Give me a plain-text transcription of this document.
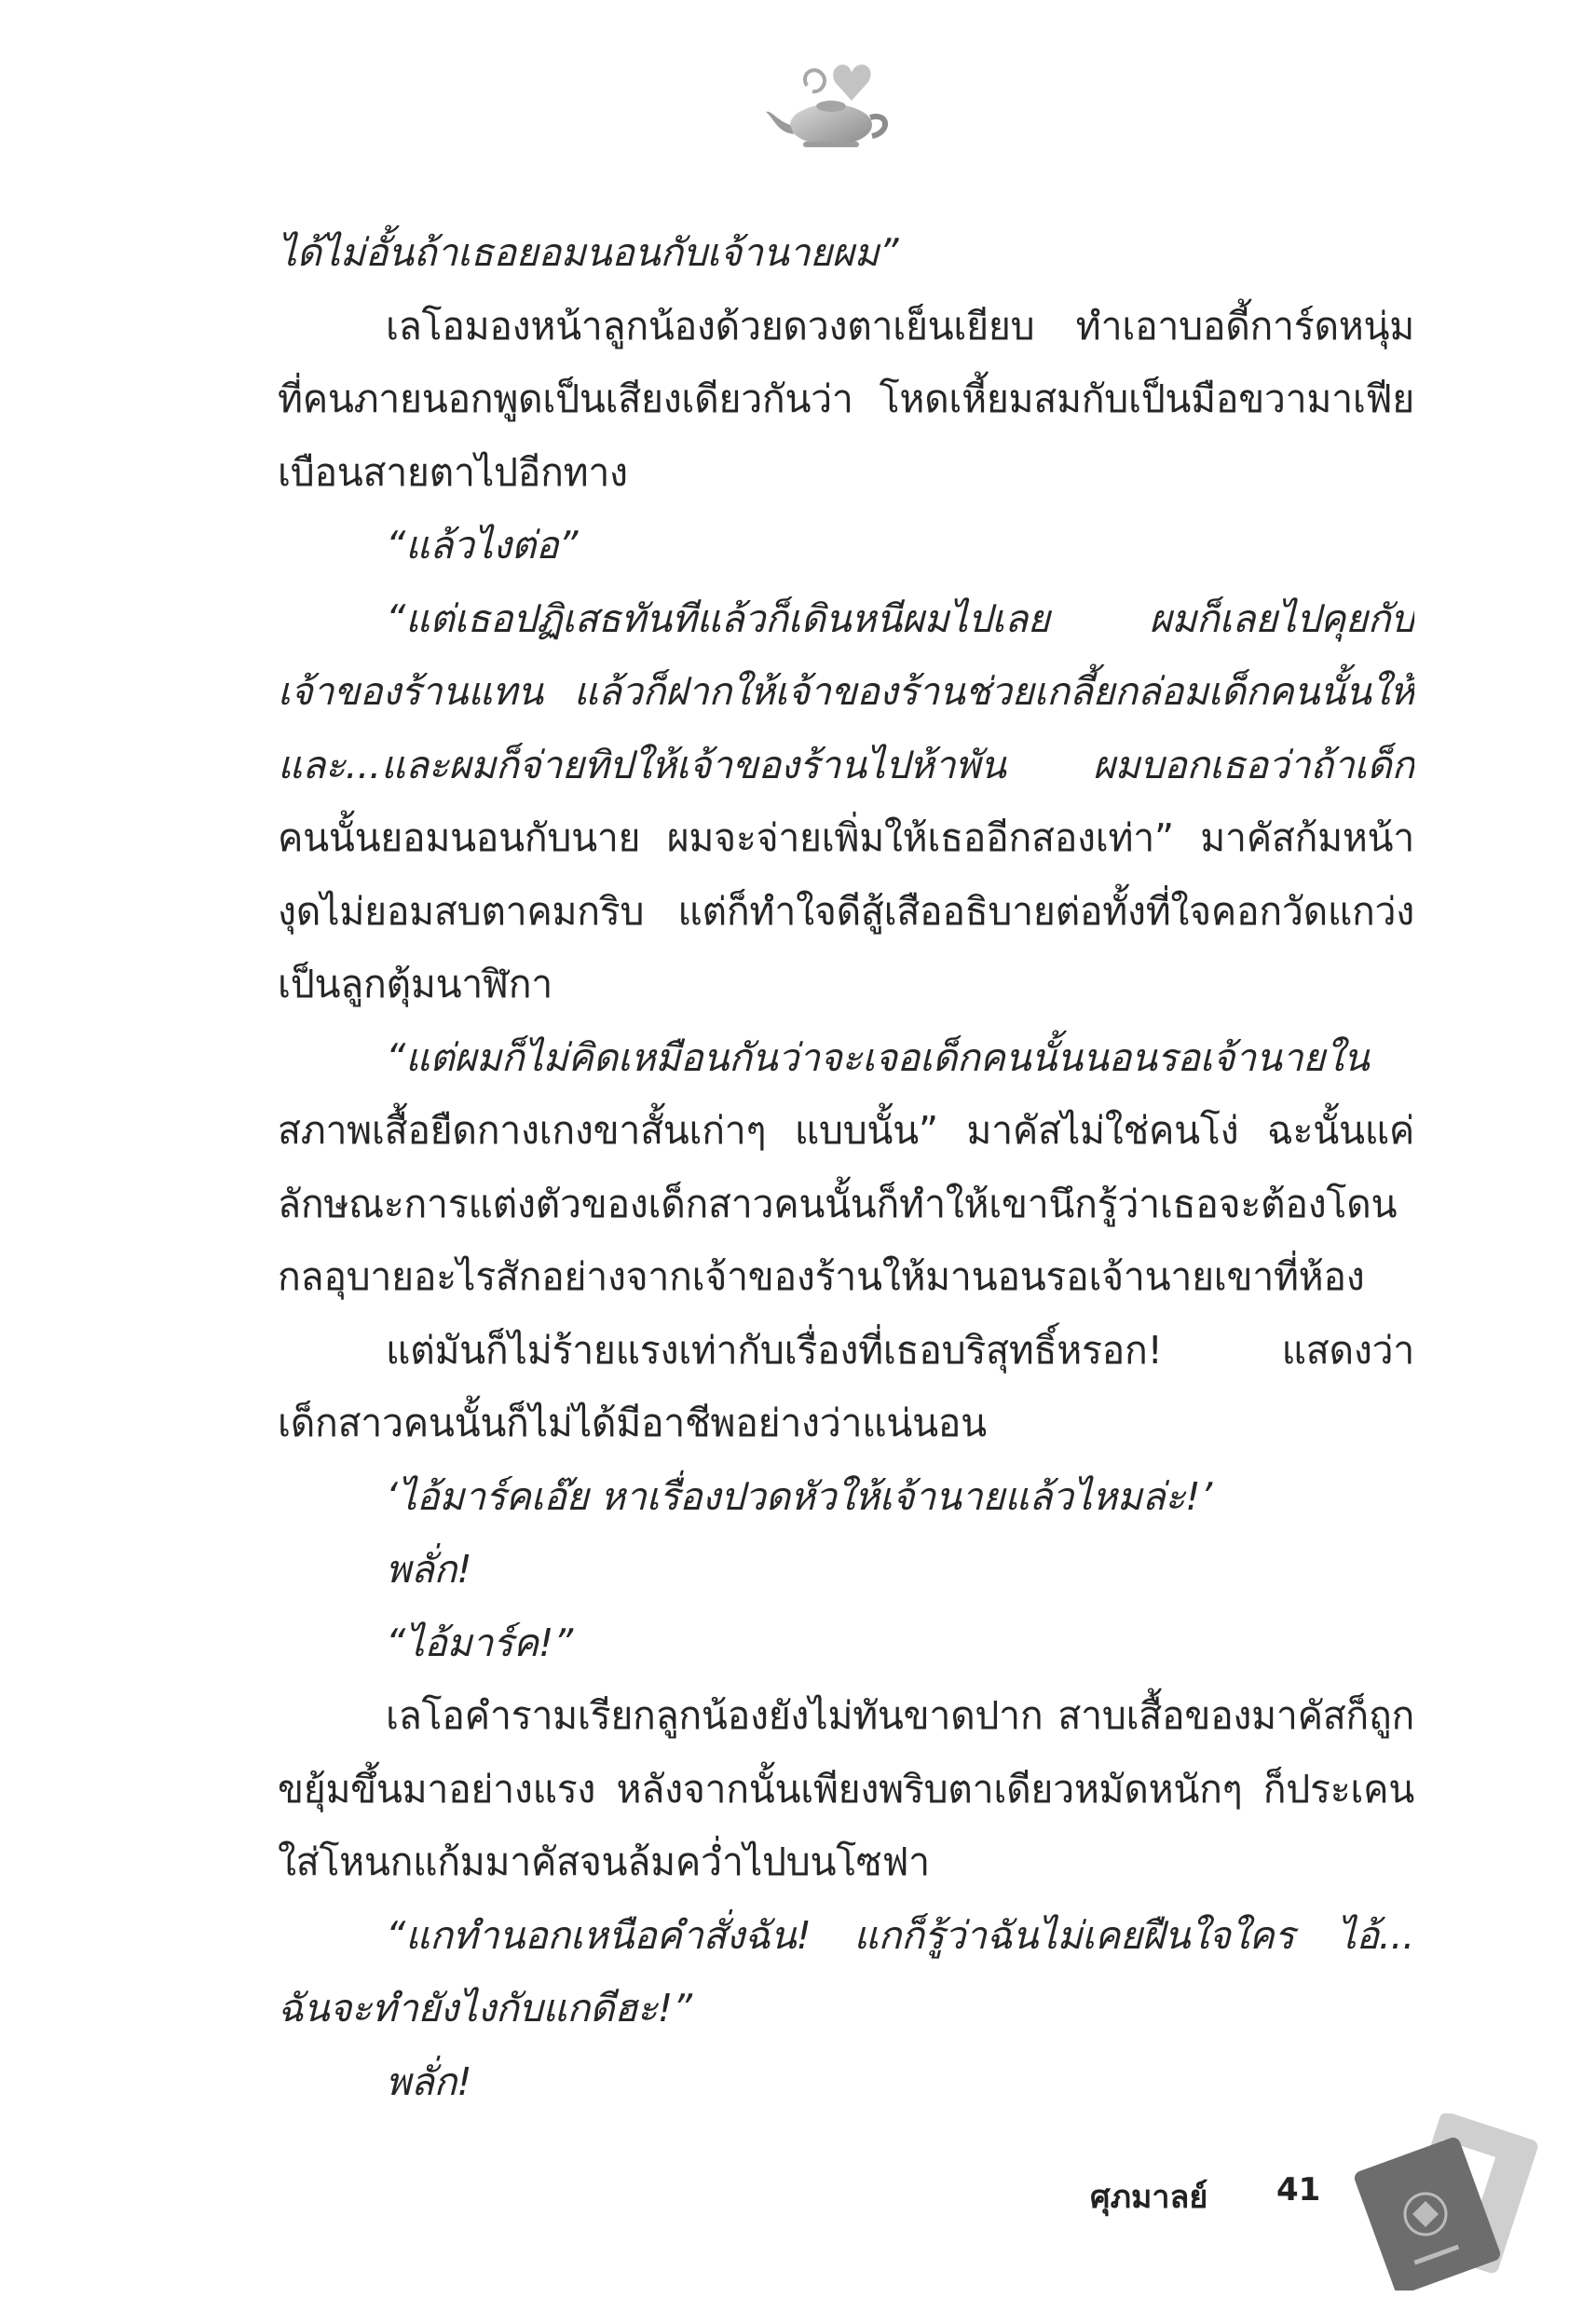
ได้ไม่อั้นถ้าเธอยอมนอนกับเจ้านายผม”
เลโอมองหน้าลูกน้องด้วยดวงตาเย็นเยียบ ทำเอาบอดี้การ์ดหนุ่ม
ที่คนภายนอกพูดเป็นเสียงเดียวกันว่า โหดเหี้ยมสมกับเป็นมือขวามาเฟีย
เบือนสายตาไปอีกทาง
“แล้วไงต่อ”
“แต่เธอปฏิเสธทันทีแล้วก็เดินหนีผมไปเลย ผมก็เลยไปคุยกับ
เจ้าของร้านแทน แล้วก็ฝากให้เจ้าของร้านช่วยเกลี้ยกล่อมเด็กคนนั้นให้
และ...และผมก็จ่ายทิปให้เจ้าของร้านไปห้าพัน ผมบอกเธอว่าถ้าเด็ก
คนนั้นยอมนอนกับนาย ผมจะจ่ายเพิ่มให้เธออีกสองเท่า” มาคัสก้มหน้า
งุดไม่ยอมสบตาคมกริบ แต่ก็ทำใจดีสู้เสืออธิบายต่อทั้งที่ใจคอกวัดแกว่ง
เป็นลูกตุ้มนาฬิกา
“แต่ผมก็ไม่คิดเหมือนกันว่าจะเจอเด็กคนนั้นนอนรอเจ้านายใน
สภาพเสื้อยืดกางเกงขาสั้นเก่าๆ แบบนั้น” มาคัสไม่ใช่คนโง่ ฉะนั้นแค่
ลักษณะการแต่งตัวของเด็กสาวคนนั้นก็ทำให้เขานึกรู้ว่าเธอจะต้องโดน
กลอุบายอะไรสักอย่างจากเจ้าของร้านให้มานอนรอเจ้านายเขาที่ห้อง
แต่มันก็ไม่ร้ายแรงเท่ากับเรื่องที่เธอบริสุทธิ์หรอก! แสดงว่า
เด็กสาวคนนั้นก็ไม่ได้มีอาชีพอย่างว่าแน่นอน
‘ไอ้มาร์คเอ๊ย หาเรื่องปวดหัวให้เจ้านายแล้วไหมล่ะ!’
พลั่ก!
“ไอ้มาร์ค!”
เลโอคำรามเรียกลูกน้องยังไม่ทันขาดปาก สาบเสื้อของมาคัสก็ถูก
ขยุ้มขึ้นมาอย่างแรง หลังจากนั้นเพียงพริบตาเดียวหมัดหนักๆ ก็ประเคน
ใส่โหนกแก้มมาคัสจนล้มคว่ำไปบนโซฟา
“แกทำนอกเหนือคำสั่งฉัน! แกก็รู้ว่าฉันไม่เคยฝืนใจใคร ไอ้...
ฉันจะทำยังไงกับแกดีฮะ!”
พลั่ก!
ศุภมาลย์ 41
